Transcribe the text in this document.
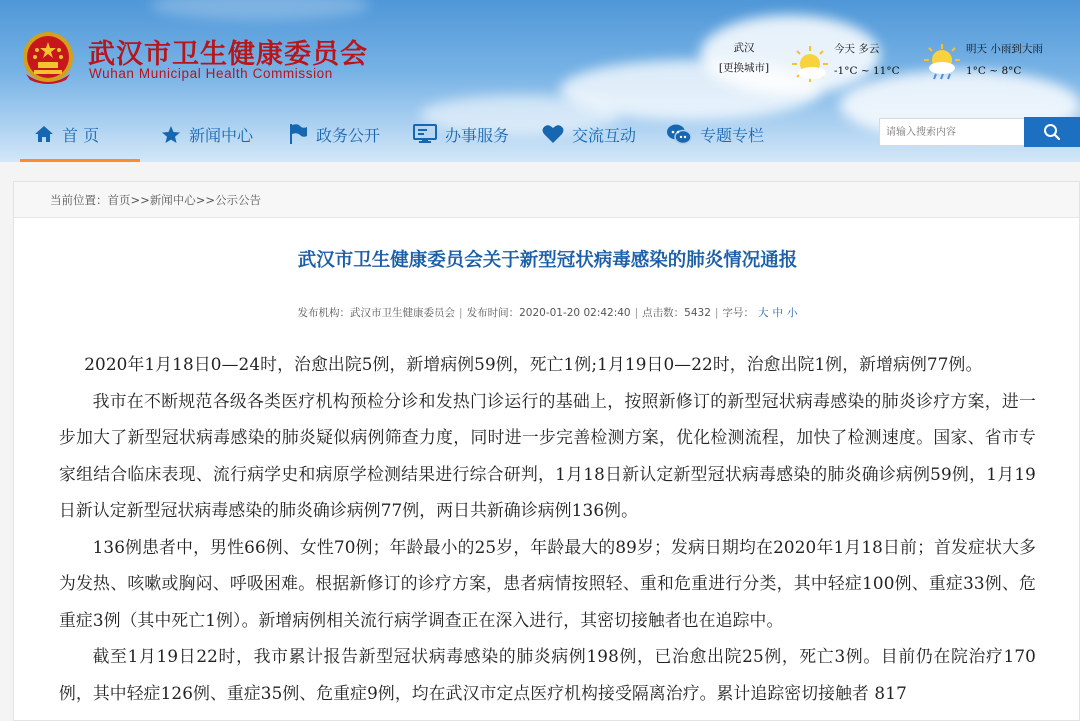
武汉市卫生健康委员会
Wuhan Municipal Health Commission
武汉
[更换城市]
今天 多云
-1°C ~ 11°C
明天 小雨到大雨
1°C ~ 8°C
首 页	新闻中心	政务公开	办事服务	交流互动	专题专栏
请输入搜索内容
当前位置：首页>>新闻中心>>公示公告
武汉市卫生健康委员会关于新型冠状病毒感染的肺炎情况通报
发布机构：武汉市卫生健康委员会 | 发布时间：2020-01-20 02:42:40 | 点击数：5432 | 字号： 大 中 小

2020年1月18日0—24时，治愈出院5例，新增病例59例，死亡1例;1月19日0—22时，治愈出院1例，新增病例77例。

我市在不断规范各级各类医疗机构预检分诊和发热门诊运行的基础上，按照新修订的新型冠状病毒感染的肺炎诊疗方案，进一步加大了新型冠状病毒感染的肺炎疑似病例筛查力度，同时进一步完善检测方案，优化检测流程，加快了检测速度。国家、省市专家组结合临床表现、流行病学史和病原学检测结果进行综合研判，1月18日新认定新型冠状病毒感染的肺炎确诊病例59例，1月19日新认定新型冠状病毒感染的肺炎确诊病例77例，两日共新确诊病例136例。

136例患者中，男性66例、女性70例；年龄最小的25岁，年龄最大的89岁；发病日期均在2020年1月18日前；首发症状大多为发热、咳嗽或胸闷、呼吸困难。根据新修订的诊疗方案，患者病情按照轻、重和危重进行分类，其中轻症100例、重症33例、危重症3例（其中死亡1例）。新增病例相关流行病学调查正在深入进行，其密切接触者也在追踪中。

截至1月19日22时，我市累计报告新型冠状病毒感染的肺炎病例198例，已治愈出院25例，死亡3例。目前仍在院治疗170例，其中轻症126例、重症35例、危重症9例，均在武汉市定点医疗机构接受隔离治疗。累计追踪密切接触者 817
